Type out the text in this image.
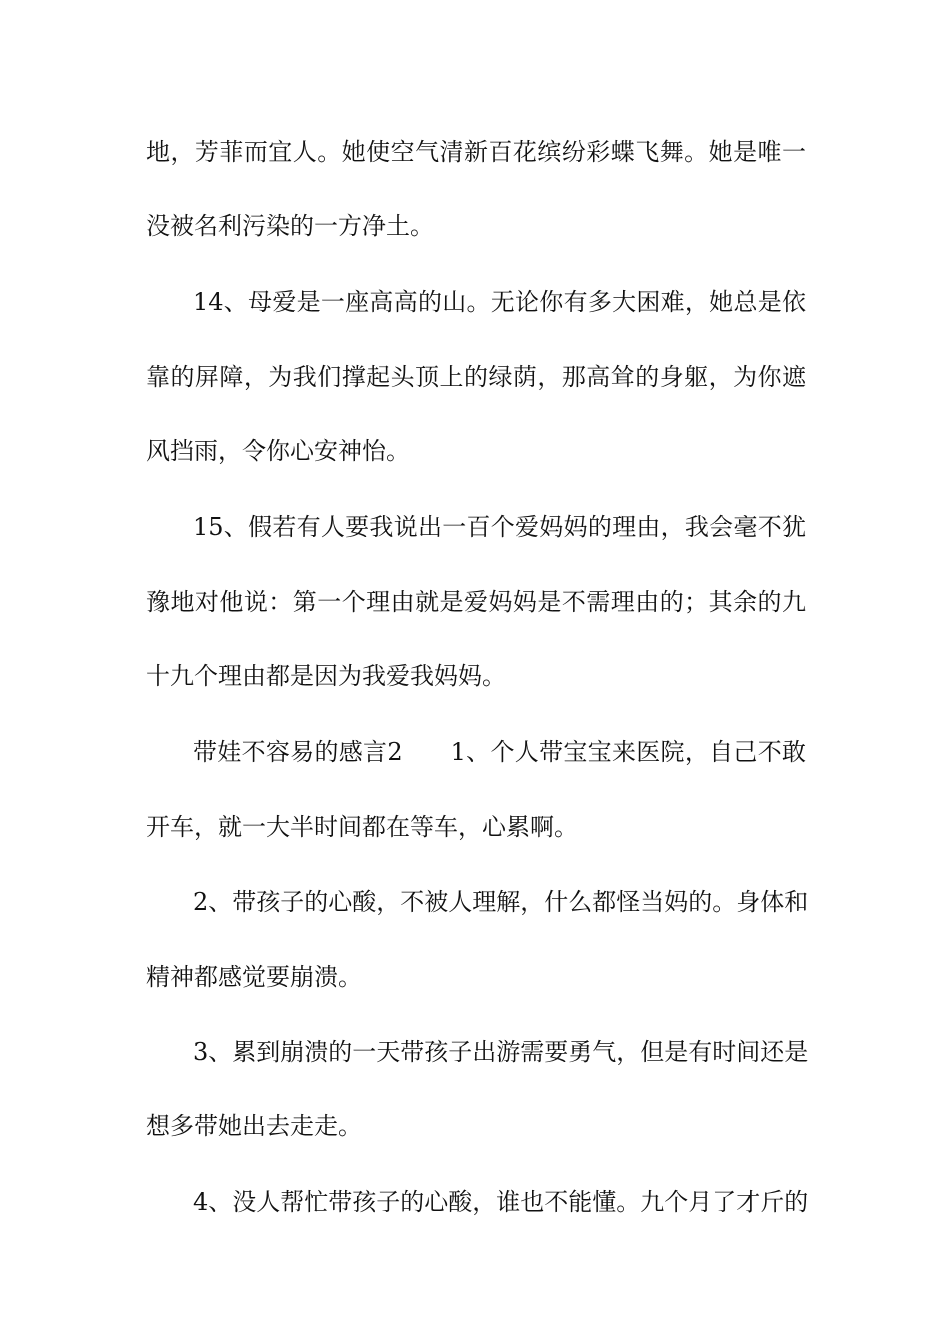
地，芳菲而宜人。她使空气清新百花缤纷彩蝶飞舞。她是唯一
没被名利污染的一方净土。
14、母爱是一座高高的山。无论你有多大困难，她总是依
靠的屏障，为我们撑起头顶上的绿荫，那高耸的身躯，为你遮
风挡雨，令你心安神怡。
15、假若有人要我说出一百个爱妈妈的理由，我会毫不犹
豫地对他说：第一个理由就是爱妈妈是不需理由的；其余的九
十九个理由都是因为我爱我妈妈。
带娃不容易的感言2 1、个人带宝宝来医院，自己不敢
开车，就一大半时间都在等车，心累啊。
2、带孩子的心酸，不被人理解，什么都怪当妈的。身体和
精神都感觉要崩溃。
3、累到崩溃的一天带孩子出游需要勇气，但是有时间还是
想多带她出去走走。
4、没人帮忙带孩子的心酸，谁也不能懂。九个月了才斤的
